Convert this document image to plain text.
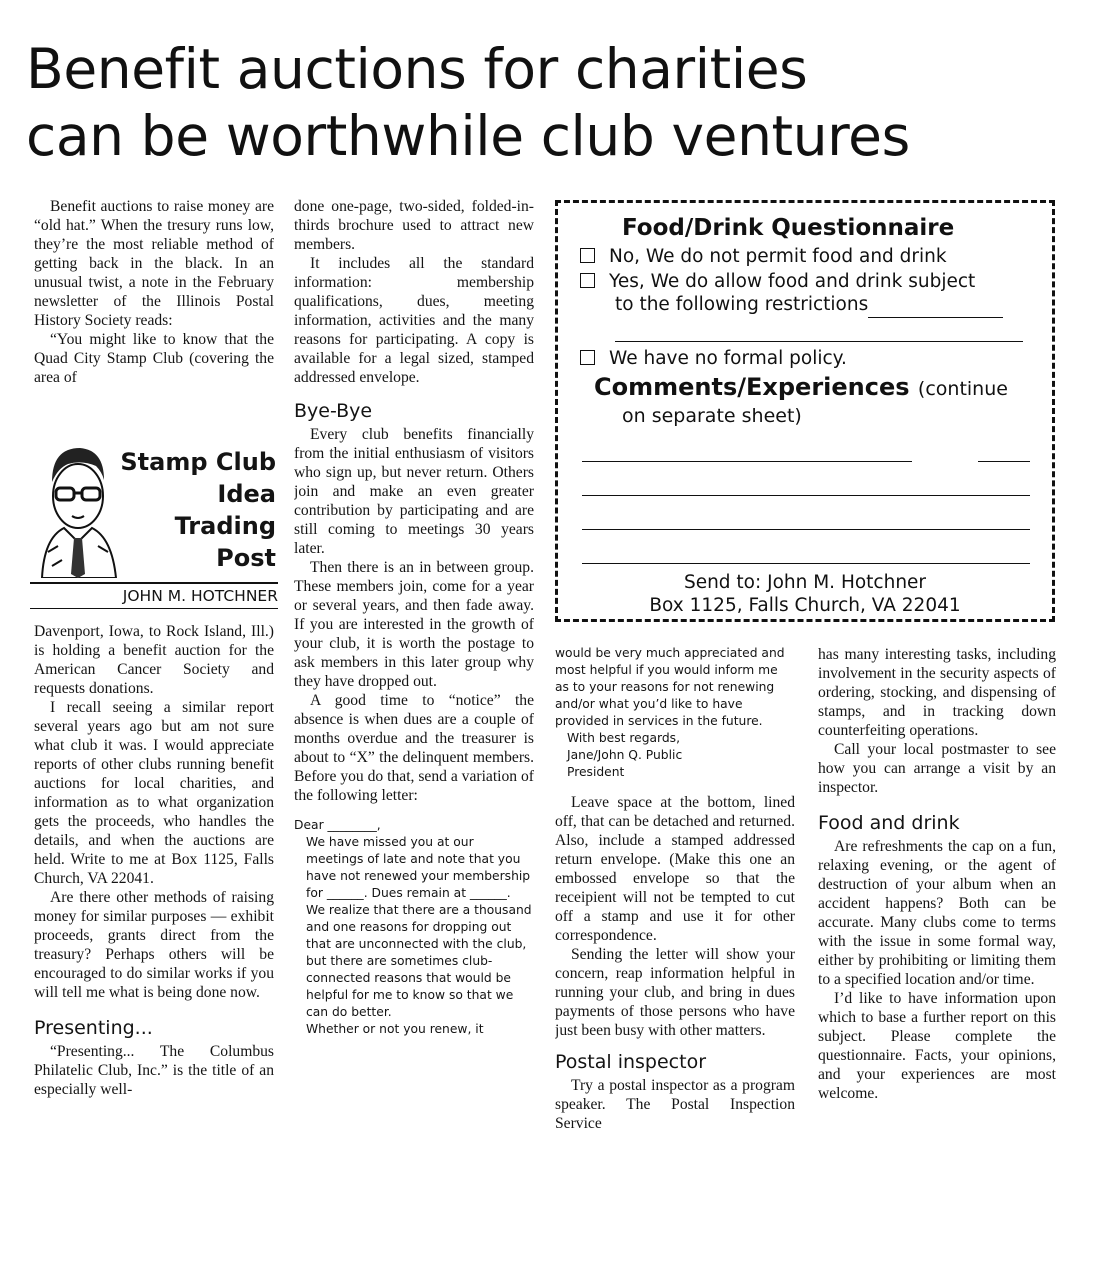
Benefit auctions for charities
can be worthwhile club ventures

Benefit auctions to raise money are “old hat.” When the tresury runs low, they’re the most reliable method of getting back in the black. In an unusual twist, a note in the February newsletter of the Illinois Postal History Society reads:

“You might like to know that the Quad City Stamp Club (covering the area of

Stamp Club
Idea
Trading
Post
JOHN M. HOTCHNER

Davenport, Iowa, to Rock Island, Ill.) is holding a benefit auction for the American Cancer Society and requests donations.

I recall seeing a similar report several years ago but am not sure what club it was. I would appreciate reports of other clubs running benefit auctions for local charities, and information as to what organization gets the proceeds, who handles the details, and when the auctions are held. Write to me at Box 1125, Falls Church, VA 22041.

Are there other methods of raising money for similar purposes — exhibit proceeds, grants direct from the treasury? Perhaps others will be encouraged to do similar works if you will tell me what is being done now.

Presenting...

“Presenting... The Columbus Philatelic Club, Inc.” is the title of an especially well-

done one-page, two-sided, folded-in-thirds brochure used to attract new members.

It includes all the standard information: membership qualifications, dues, meeting information, activities and the many reasons for participating. A copy is available for a legal sized, stamped addressed envelope.

Bye-Bye

Every club benefits financially from the initial enthusiasm of visitors who sign up, but never return. Others join and make an even greater contribution by participating and are still coming to meetings 30 years later.

Then there is an in between group. These members join, come for a year or several years, and then fade away. If you are interested in the growth of your club, it is worth the postage to ask members in this later group why they have dropped out.

A good time to “notice” the absence is when dues are a couple of months overdue and the treasurer is about to “X” the delinquent members. Before you do that, send a variation of the following letter:

Dear ________,

We have missed you at our meetings of late and note that you have not renewed your membership for ______. Dues remain at ______.

We realize that there are a thousand and one reasons for dropping out that are unconnected with the club, but there are sometimes club-connected reasons that would be helpful for me to know so that we can do better.

Whether or not you renew, it

Food/Drink Questionnaire
No, We do not permit food and drink
Yes, We do allow food and drink subject
to the following restrictions
We have no formal policy.
Comments/Experiences (continue
on separate sheet)
Send to: John M. Hotchner
Box 1125, Falls Church, VA 22041

would be very much appreciated and most helpful if you would inform me as to your reasons for not renewing and/or what you’d like to have provided in services in the future.

With best regards,

Jane/John Q. Public

President

Leave space at the bottom, lined off, that can be detached and returned. Also, include a stamped addressed return envelope. (Make this one an embossed envelope so that the receipient will not be tempted to cut off a stamp and use it for other correspondence.

Sending the letter will show your concern, reap information helpful in running your club, and bring in dues payments of those persons who have just been busy with other matters.

Postal inspector

Try a postal inspector as a program speaker. The Postal Inspection Service

has many interesting tasks, including involvement in the security aspects of ordering, stocking, and dispensing of stamps, and in tracking down counterfeiting operations.

Call your local postmaster to see how you can arrange a visit by an inspector.

Food and drink

Are refreshments the cap on a fun, relaxing evening, or the agent of destruction of your album when an accident happens? Both can be accurate. Many clubs come to terms with the issue in some formal way, either by prohibiting or limiting them to a specified location and/or time.

I’d like to have information upon which to base a further report on this subject. Please complete the questionnaire. Facts, your opinions, and your experiences are most welcome.
